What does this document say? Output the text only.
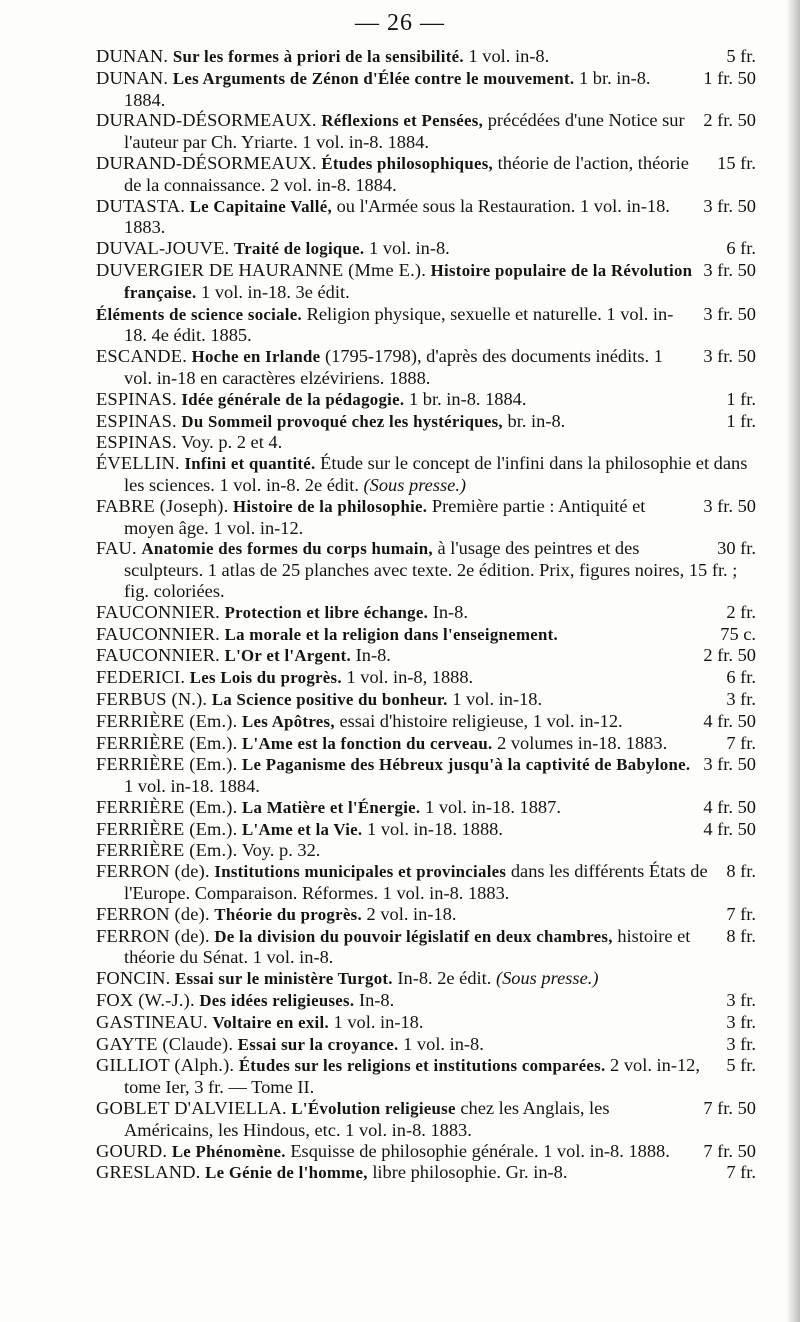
— 26 —

5 fr.
DUNAN. Sur les formes à priori de la sensibilité. 1 vol. in-8.

1 fr. 50
DUNAN. Les Arguments de Zénon d'Élée contre le mouvement. 1 br. in-8. 1884.

2 fr. 50
DURAND-DÉSORMEAUX. Réflexions et Pensées, précédées d'une Notice sur l'auteur par Ch. Yriarte. 1 vol. in-8. 1884.

15 fr.
DURAND-DÉSORMEAUX. Études philosophiques, théorie de l'action, théorie de la connaissance. 2 vol. in-8. 1884.

3 fr. 50
DUTASTA. Le Capitaine Vallé, ou l'Armée sous la Restauration. 1 vol. in-18. 1883.

6 fr.
DUVAL-JOUVE. Traité de logique. 1 vol. in-8.

3 fr. 50
DUVERGIER DE HAURANNE (Mme E.). Histoire populaire de la Révolution française. 1 vol. in-18. 3e édit.

3 fr. 50
Éléments de science sociale. Religion physique, sexuelle et naturelle. 1 vol. in-18. 4e édit. 1885.

3 fr. 50
ESCANDE. Hoche en Irlande (1795-1798), d'après des documents inédits. 1 vol. in-18 en caractères elzéviriens. 1888.

1 fr.
ESPINAS. Idée générale de la pédagogie. 1 br. in-8. 1884.

1 fr.
ESPINAS. Du Sommeil provoqué chez les hystériques, br. in-8.

ESPINAS. Voy. p. 2 et 4.

ÉVELLIN. Infini et quantité. Étude sur le concept de l'infini dans la philosophie et dans les sciences. 1 vol. in-8. 2e édit. (Sous presse.)

3 fr. 50
FABRE (Joseph). Histoire de la philosophie. Première partie : Antiquité et moyen âge. 1 vol. in-12.

30 fr.
FAU. Anatomie des formes du corps humain, à l'usage des peintres et des sculpteurs. 1 atlas de 25 planches avec texte. 2e édition. Prix, figures noires, 15 fr. ; fig. coloriées.

2 fr.
FAUCONNIER. Protection et libre échange. In-8.

75 c.
FAUCONNIER. La morale et la religion dans l'enseignement.

2 fr. 50
FAUCONNIER. L'Or et l'Argent. In-8.

6 fr.
FEDERICI. Les Lois du progrès. 1 vol. in-8, 1888.

3 fr.
FERBUS (N.). La Science positive du bonheur. 1 vol. in-18.

4 fr. 50
FERRIÈRE (Em.). Les Apôtres, essai d'histoire religieuse, 1 vol. in-12.

7 fr.
FERRIÈRE (Em.). L'Ame est la fonction du cerveau. 2 volumes in-18. 1883.

3 fr. 50
FERRIÈRE (Em.). Le Paganisme des Hébreux jusqu'à la captivité de Babylone. 1 vol. in-18. 1884.

4 fr. 50
FERRIÈRE (Em.). La Matière et l'Énergie. 1 vol. in-18. 1887.

4 fr. 50
FERRIÈRE (Em.). L'Ame et la Vie. 1 vol. in-18. 1888.

FERRIÈRE (Em.). Voy. p. 32.

8 fr.
FERRON (de). Institutions municipales et provinciales dans les différents États de l'Europe. Comparaison. Réformes. 1 vol. in-8. 1883.

7 fr.
FERRON (de). Théorie du progrès. 2 vol. in-18.

8 fr.
FERRON (de). De la division du pouvoir législatif en deux chambres, histoire et théorie du Sénat. 1 vol. in-8.

FONCIN. Essai sur le ministère Turgot. In-8. 2e édit. (Sous presse.)

3 fr.
FOX (W.-J.). Des idées religieuses. In-8.

3 fr.
GASTINEAU. Voltaire en exil. 1 vol. in-18.

3 fr.
GAYTE (Claude). Essai sur la croyance. 1 vol. in-8.

5 fr.
GILLIOT (Alph.). Études sur les religions et institutions comparées. 2 vol. in-12, tome Ier, 3 fr. — Tome II.

7 fr. 50
GOBLET D'ALVIELLA. L'Évolution religieuse chez les Anglais, les Américains, les Hindous, etc. 1 vol. in-8. 1883.

7 fr. 50
GOURD. Le Phénomène. Esquisse de philosophie générale. 1 vol. in-8. 1888.

7 fr.
GRESLAND. Le Génie de l'homme, libre philosophie. Gr. in-8.
